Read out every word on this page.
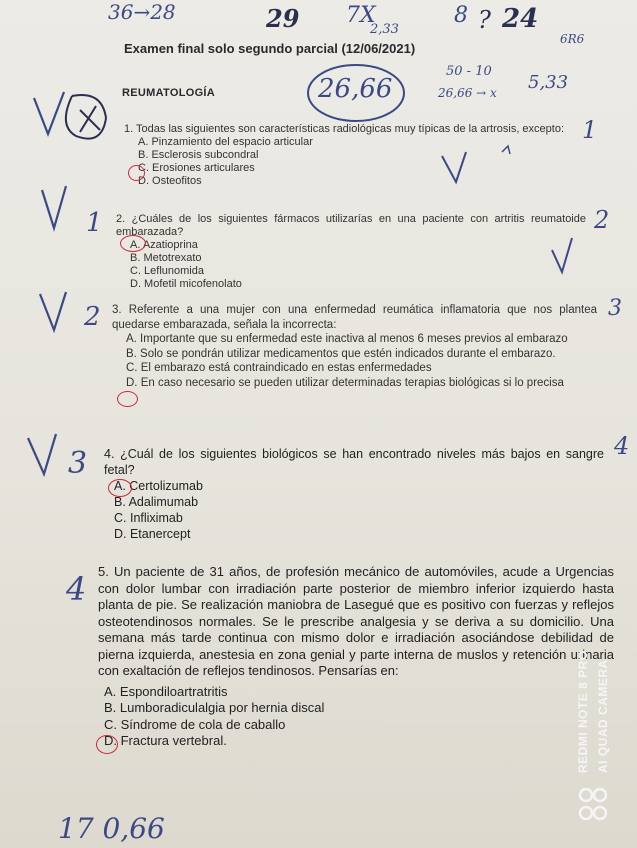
36→28	29 7X
2,33
8 ? 24
6R6
Examen final solo segundo parcial (12/06/2021)
REUMATOLOGÍA	26,66
50 - 10
26,66 → x 5,33
1
2
3
4
1
2
3
4

1. Todas las siguientes son características radiológicas muy típicas de la artrosis, excepto:

A. Pinzamiento del espacio articular

B. Esclerosis subcondral

C. Erosiones articulares

D. Osteofitos

2. ¿Cuáles de los siguientes fármacos utilizarías en una paciente con artritis reumatoide embarazada?

A. Azatioprina

B. Metotrexato

C. Leflunomida

D. Mofetil micofenolato

3. Referente a una mujer con una enfermedad reumática inflamatoria que nos plantea quedarse embarazada, señala la incorrecta:

A. Importante que su enfermedad este inactiva al menos 6 meses previos al embarazo

B. Solo se pondrán utilizar medicamentos que estén indicados durante el embarazo.

C. El embarazo está contraindicado en estas enfermedades

D. En caso necesario se pueden utilizar determinadas terapias biológicas si lo precisa

4. ¿Cuál de los siguientes biológicos se han encontrado niveles más bajos en sangre fetal?

A. Certolizumab

B. Adalimumab

C. Infliximab

D. Etanercept

5. Un paciente de 31 años, de profesión mecánico de automóviles, acude a Urgencias con dolor lumbar con irradiación parte posterior de miembro inferior izquierdo hasta planta de pie. Se realización maniobra de Lasegué que es positivo con fuerzas y reflejos osteotendinosos normales. Se le prescribe analgesia y se deriva a su domicilio. Una semana más tarde continua con mismo dolor e irradiación asociándose debilidad de pierna izquierda, anestesia en zona genial y parte interna de muslos y retención urinaria con exaltación de reflejos tendinosos. Pensarías en:

A. Espondiloartratritis

B. Lumboradiculalgia por hernia discal

C. Síndrome de cola de caballo

D. Fractura vertebral.

17 0,66
REDMI NOTE 8 PRO AI QUAD CAMERA
